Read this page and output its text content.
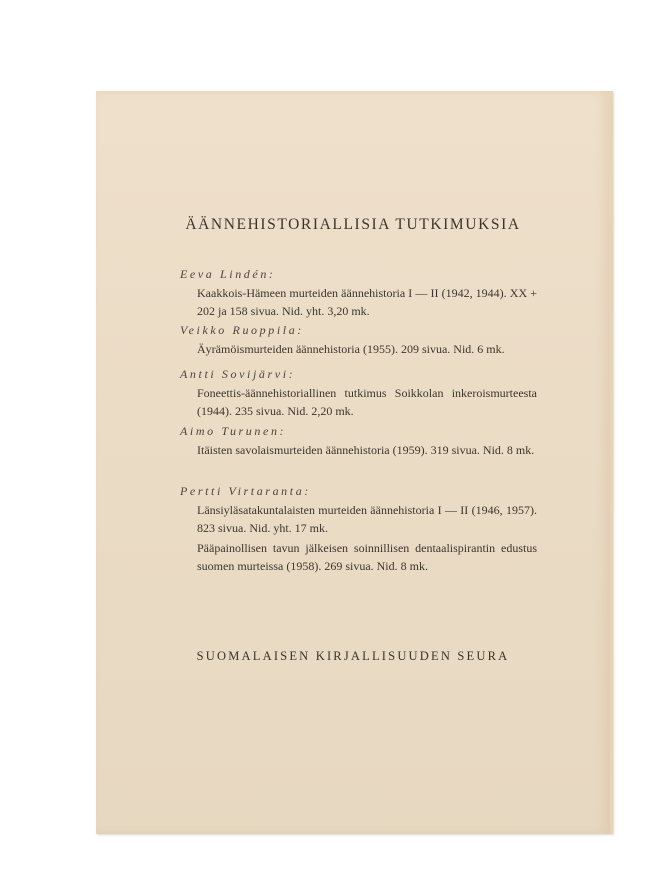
ÄÄNNEHISTORIALLISIA TUTKIMUKSIA
Eeva Lindén:
Kaakkois-Hämeen murteiden äännehistoria I — II (1942, 1944). XX + 202 ja 158 sivua. Nid. yht. 3,20 mk.
Veikko Ruoppila:
Äyrämöismurteiden äännehistoria (1955). 209 sivua. Nid. 6 mk.
Antti Sovijärvi:
Foneettis-äännehistoriallinen tutkimus Soikkolan inkeroismurteesta (1944). 235 sivua. Nid. 2,20 mk.
Aimo Turunen:
Itäisten savolaismurteiden äännehistoria (1959). 319 sivua. Nid. 8 mk.
Pertti Virtaranta:
Länsiyläsatakuntalaisten murteiden äännehistoria I — II (1946, 1957). 823 sivua. Nid. yht. 17 mk.
Pääpainollisen tavun jälkeisen soinnillisen dentaalispirantin edustus suomen murteissa (1958). 269 sivua. Nid. 8 mk.
SUOMALAISEN KIRJALLISUUDEN SEURA
